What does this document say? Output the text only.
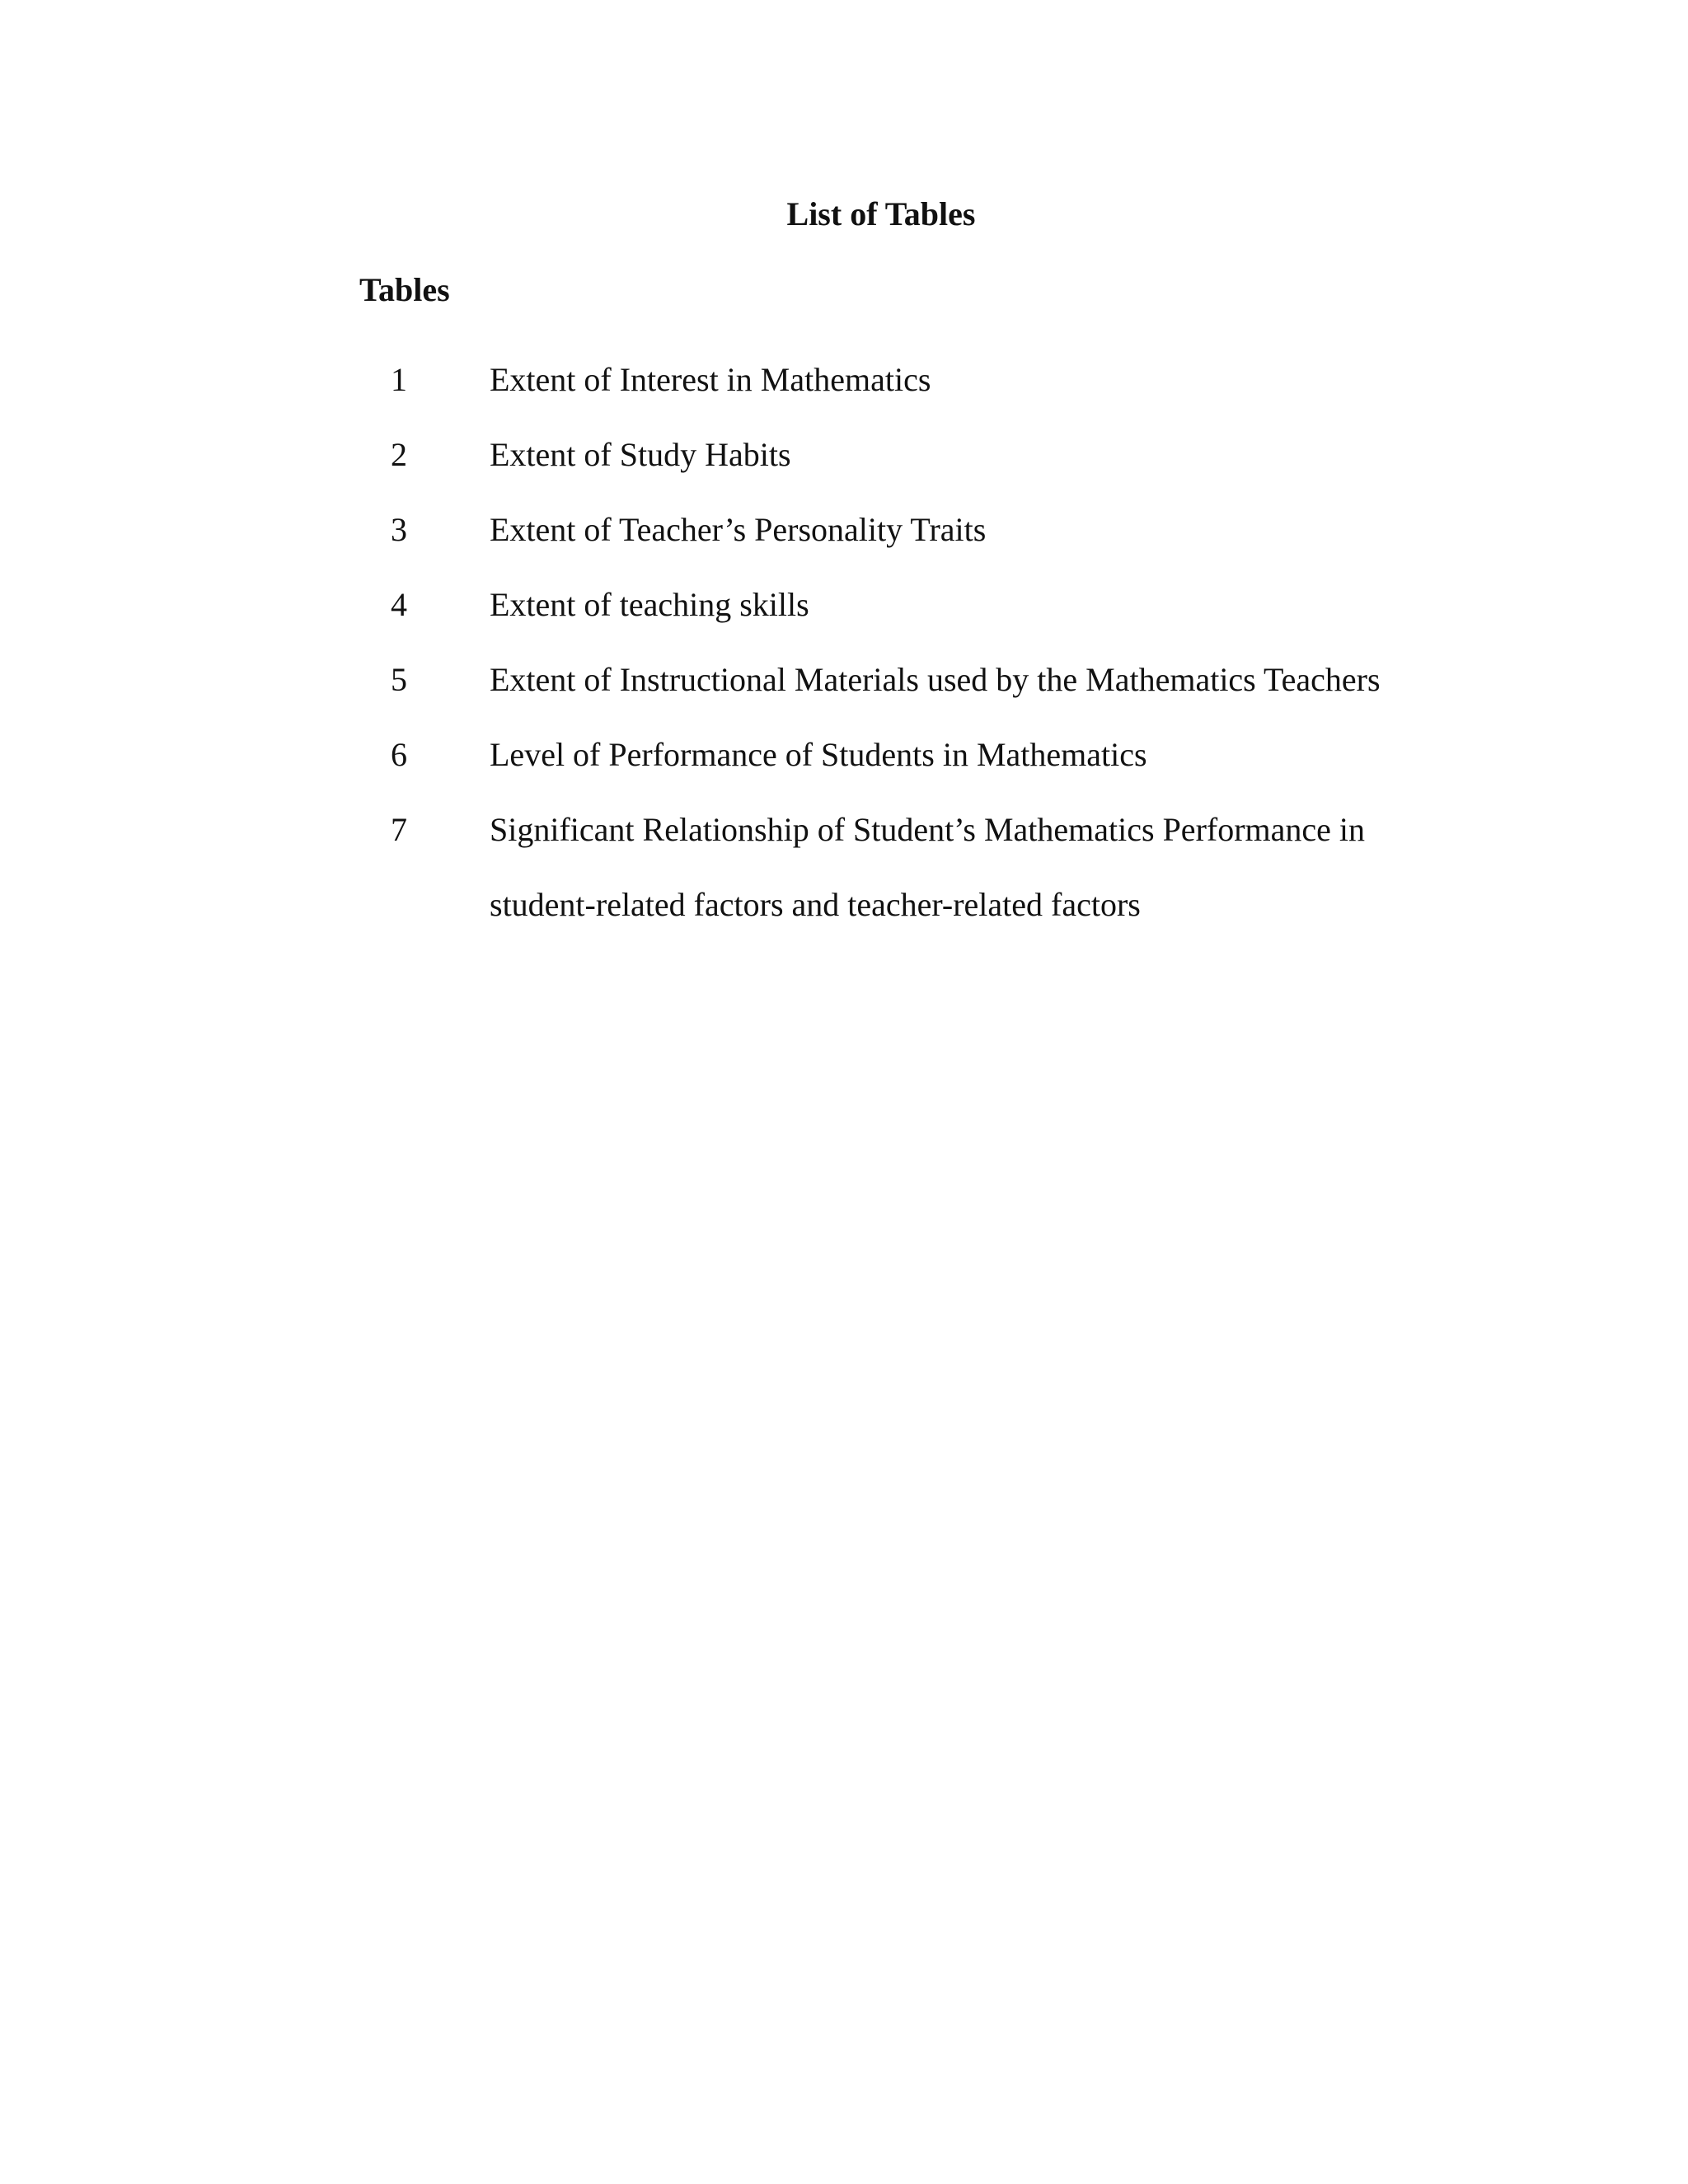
List of Tables
Tables
1	Extent of Interest in Mathematics
2	Extent of Study Habits
3	Extent of Teacher’s Personality Traits
4	Extent of teaching skills
5	Extent of Instructional Materials used by the Mathematics Teachers
6	Level of Performance of Students in Mathematics
7	Significant Relationship of Student’s Mathematics Performance in student-related factors and teacher-related factors
